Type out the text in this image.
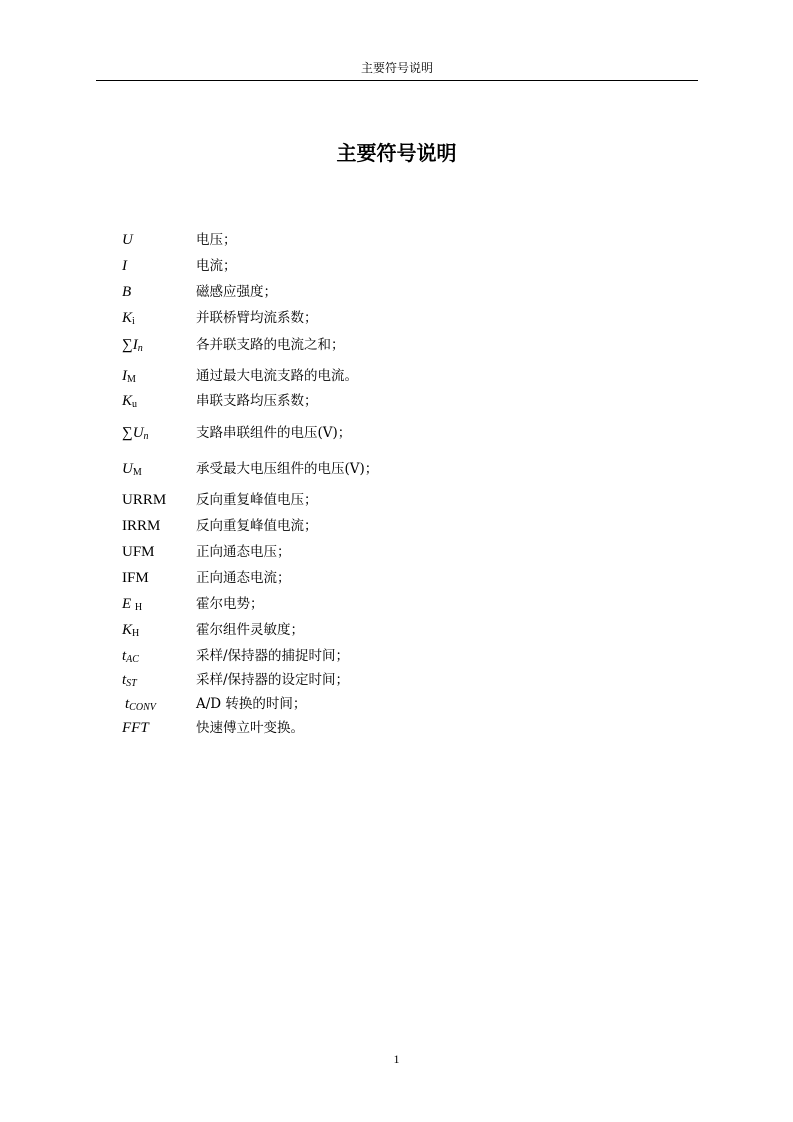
主要符号说明
主要符号说明
U	电压；
I	电流；
B	磁感应强度；
$K_i$	并联桥臂均流系数；
$\sum I_n$	各并联支路的电流之和；
$I_M$	通过最大电流支路的电流。
$K_u$	串联支路均压系数；
$\sum U_n$	支路串联组件的电压(V)；
$U_M$	承受最大电压组件的电压(V)；
URRM 反向重复峰值电压；
IRRM	反向重复峰值电流；
UFM	正向通态电压；
IFM	正向通态电流；
E $_H$	霍尔电势；
$K_H$	霍尔组件灵敏度；
$t_{AC}$	采样/保持器的捕捉时间；
$t_{ST}$	采样/保持器的设定时间；
$t_{CONV}$	A/D 转换的时间；
FFT	快速傅立叶变换。
1
